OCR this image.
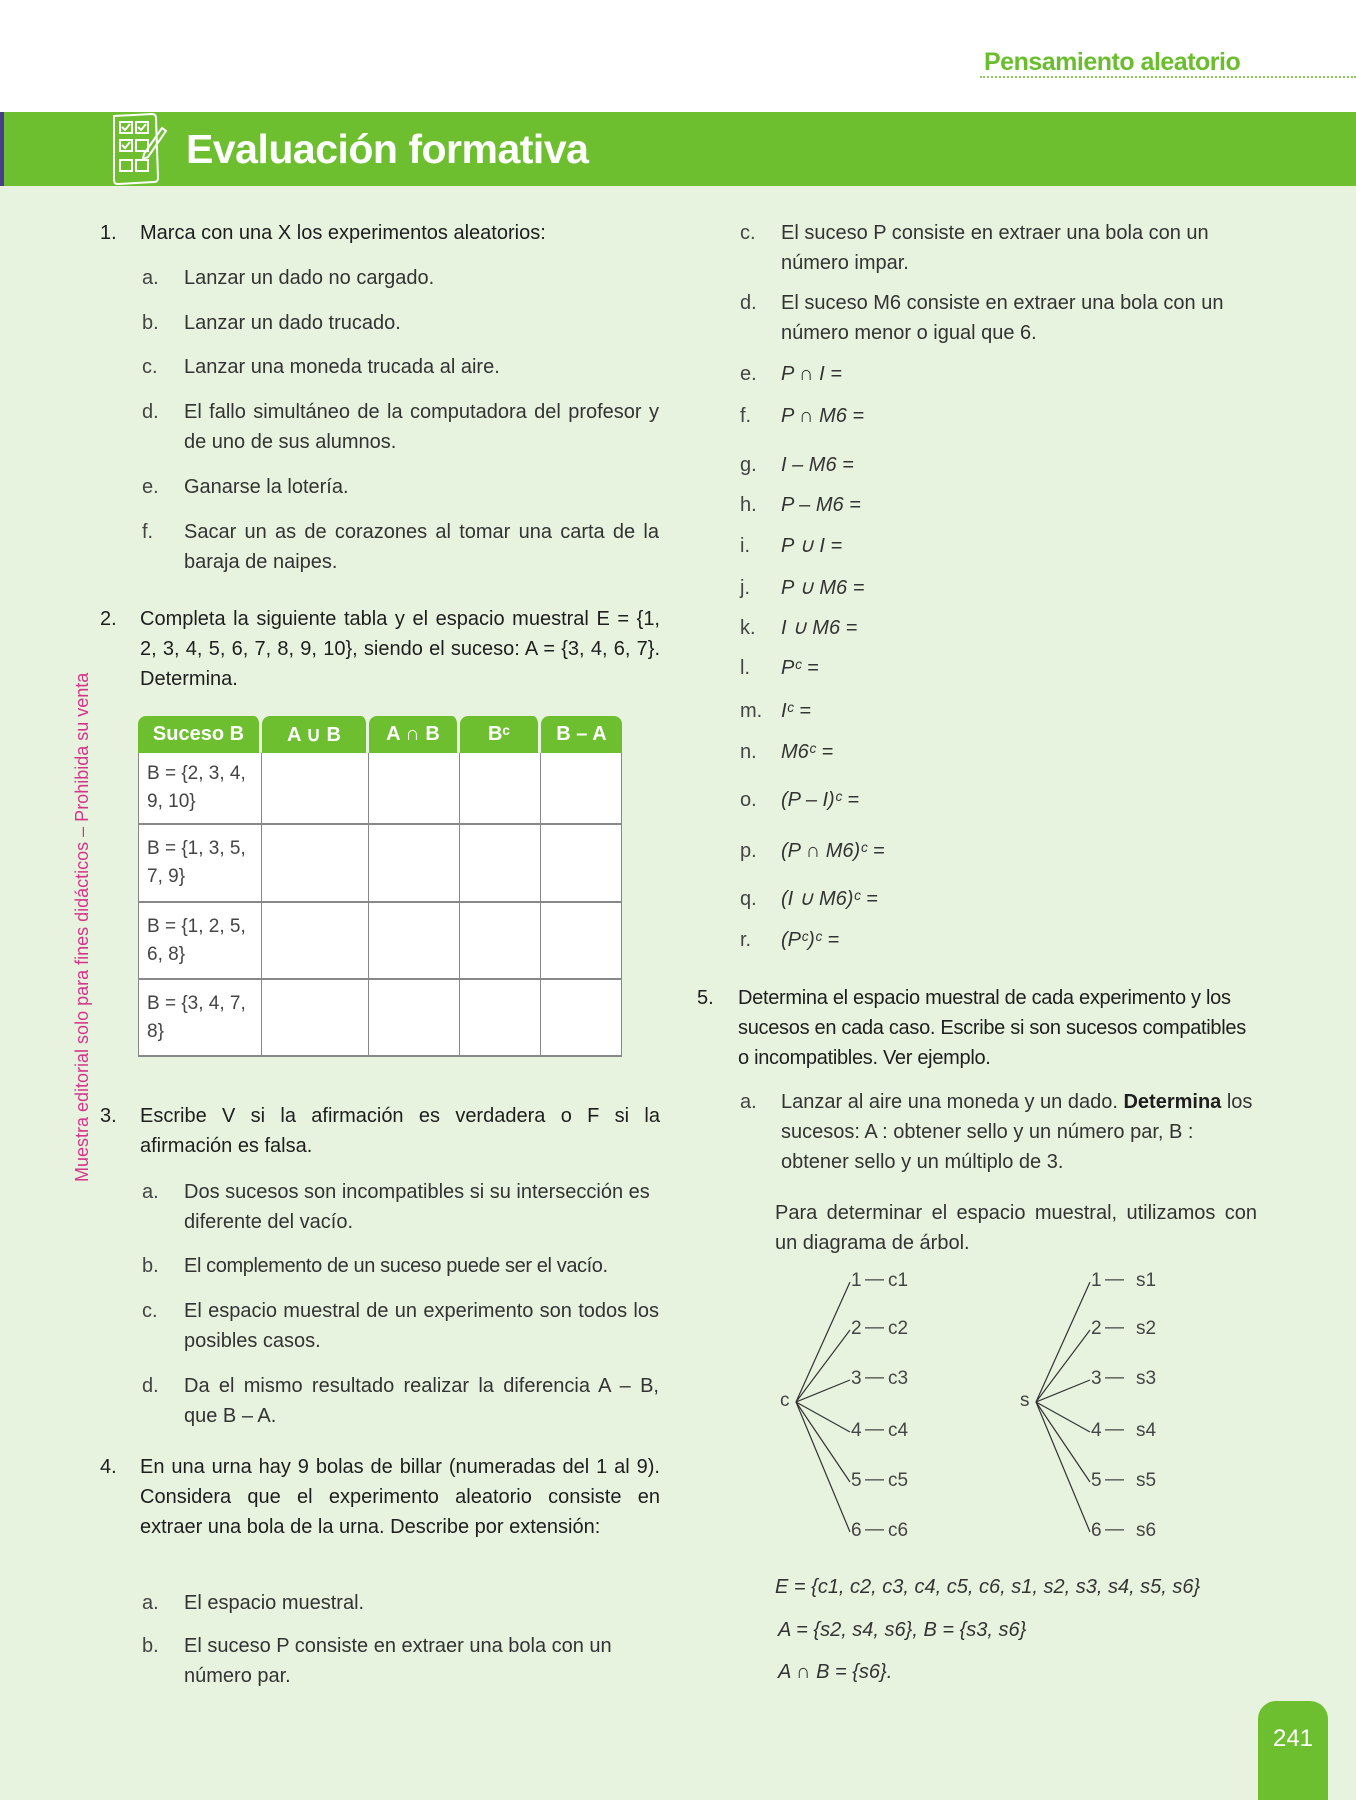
Pensamiento aleatorio
Evaluación formativa
Muestra editorial solo para fines didácticos – Prohibida su venta
1. Marca con una X los experimentos aleatorios:
a. Lanzar un dado no cargado.
b. Lanzar un dado trucado.
c. Lanzar una moneda trucada al aire.
d. El fallo simultáneo de la computadora del profesor y de uno de sus alumnos.
e. Ganarse la lotería.
f. Sacar un as de corazones al tomar una carta de la baraja de naipes.
2. Completa la siguiente tabla y el espacio muestral E = {1, 2, 3, 4, 5, 6, 7, 8, 9, 10}, siendo el suceso: A = {3, 4, 6, 7}. Determina.
Suceso B	A ∪ B	A ∩ B	Bᶜ	B – A
B = {2, 3, 4, 9, 10}				
B = {1, 3, 5, 7, 9}				
B = {1, 2, 5, 6, 8}				
B = {3, 4, 7, 8}				
3. Escribe V si la afirmación es verdadera o F si la afirmación es falsa.
a. Dos sucesos son incompatibles si su intersección es diferente del vacío.
b. El complemento de un suceso puede ser el vacío.
c. El espacio muestral de un experimento son todos los posibles casos.
d. Da el mismo resultado realizar la diferencia A – B, que B – A.
4. En una urna hay 9 bolas de billar (numeradas del 1 al 9). Considera que el experimento aleatorio consiste en extraer una bola de la urna. Describe por extensión:
a. El espacio muestral.
b. El suceso P consiste en extraer una bola con un número par.
c. El suceso P consiste en extraer una bola con un número impar.
d. El suceso M6 consiste en extraer una bola con un número menor o igual que 6.
e. P ∩ I =
f. P ∩ M6 =
g. I – M6 =
h. P – M6 =
i. P ∪ I =
j. P ∪ M6 =
k. I ∪ M6 =
l. Pᶜ =
m. Iᶜ =
n. M6ᶜ =
o. (P – I)ᶜ =
p. (P ∩ M6)ᶜ =
q. (I ∪ M6)ᶜ =
r. (Pᶜ)ᶜ =
5. Determina el espacio muestral de cada experimento y los sucesos en cada caso. Escribe si son sucesos compatibles o incompatibles. Ver ejemplo.
a. Lanzar al aire una moneda y un dado. Determina los sucesos: A : obtener sello y un número par, B : obtener sello y un múltiplo de 3.
Para determinar el espacio muestral, utilizamos con un diagrama de árbol.
c
1 — c1
2 — c2
3 — c3
4 — c4
5 — c5
6 — c6
s
1 — s1
2 — s2
3 — s3
4 — s4
5 — s5
6 — s6
E = {c1, c2, c3, c4, c5, c6, s1, s2, s3, s4, s5, s6}
A = {s2, s4, s6}, B = {s3, s6}
A ∩ B = {s6}.
241
